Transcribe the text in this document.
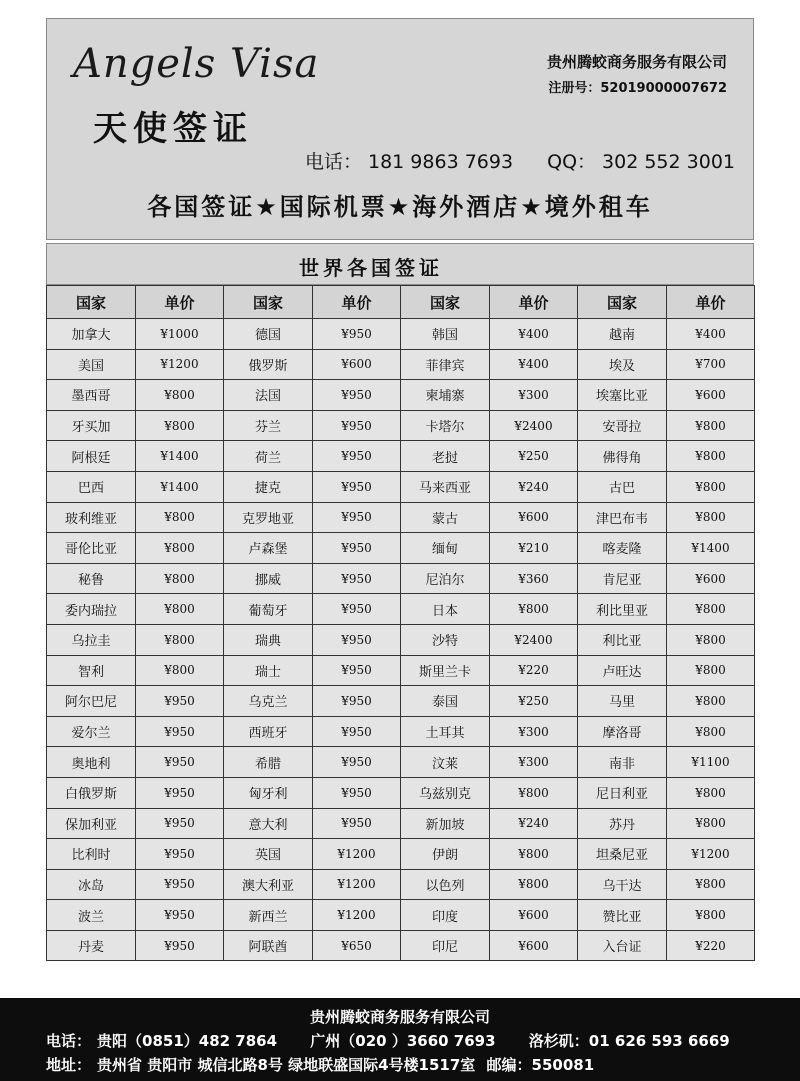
Angels Visa
天使签证
贵州腾蛟商务服务有限公司
注册号：52019000007672
电话： 181 9863 7693 QQ： 302 552 3001
各国签证★国际机票★海外酒店★境外租车
世界各国签证
国家	单价	国家	单价	国家	单价	国家	单价
加拿大	¥1000	德国	¥950	韩国	¥400	越南	¥400
美国	¥1200	俄罗斯	¥600	菲律宾	¥400	埃及	¥700
墨西哥	¥800	法国	¥950	柬埔寨	¥300	埃塞比亚	¥600
牙买加	¥800	芬兰	¥950	卡塔尔	¥2400	安哥拉	¥800
阿根廷	¥1400	荷兰	¥950	老挝	¥250	佛得角	¥800
巴西	¥1400	捷克	¥950	马来西亚	¥240	古巴	¥800
玻利维亚	¥800	克罗地亚	¥950	蒙古	¥600	津巴布韦	¥800
哥伦比亚	¥800	卢森堡	¥950	缅甸	¥210	喀麦隆	¥1400
秘鲁	¥800	挪威	¥950	尼泊尔	¥360	肯尼亚	¥600
委内瑞拉	¥800	葡萄牙	¥950	日本	¥800	利比里亚	¥800
乌拉圭	¥800	瑞典	¥950	沙特	¥2400	利比亚	¥800
智利	¥800	瑞士	¥950	斯里兰卡	¥220	卢旺达	¥800
阿尔巴尼	¥950	乌克兰	¥950	泰国	¥250	马里	¥800
爱尔兰	¥950	西班牙	¥950	土耳其	¥300	摩洛哥	¥800
奥地利	¥950	希腊	¥950	汶莱	¥300	南非	¥1100
白俄罗斯	¥950	匈牙利	¥950	乌兹别克	¥800	尼日利亚	¥800
保加利亚	¥950	意大利	¥950	新加坡	¥240	苏丹	¥800
比利时	¥950	英国	¥1200	伊朗	¥800	坦桑尼亚	¥1200
冰岛	¥950	澳大利亚	¥1200	以色列	¥800	乌干达	¥800
波兰	¥950	新西兰	¥1200	印度	¥600	赞比亚	¥800
丹麦	¥950	阿联酋	¥650	印尼	¥600	入台证	¥220
贵州腾蛟商务服务有限公司
电话： 贵阳（0851）482 7864 广州（020 ）3660 7693 洛杉矶：01 626 593 6669
地址： 贵州省 贵阳市 城信北路8号 绿地联盛国际4号楼1517室 邮编：550081
